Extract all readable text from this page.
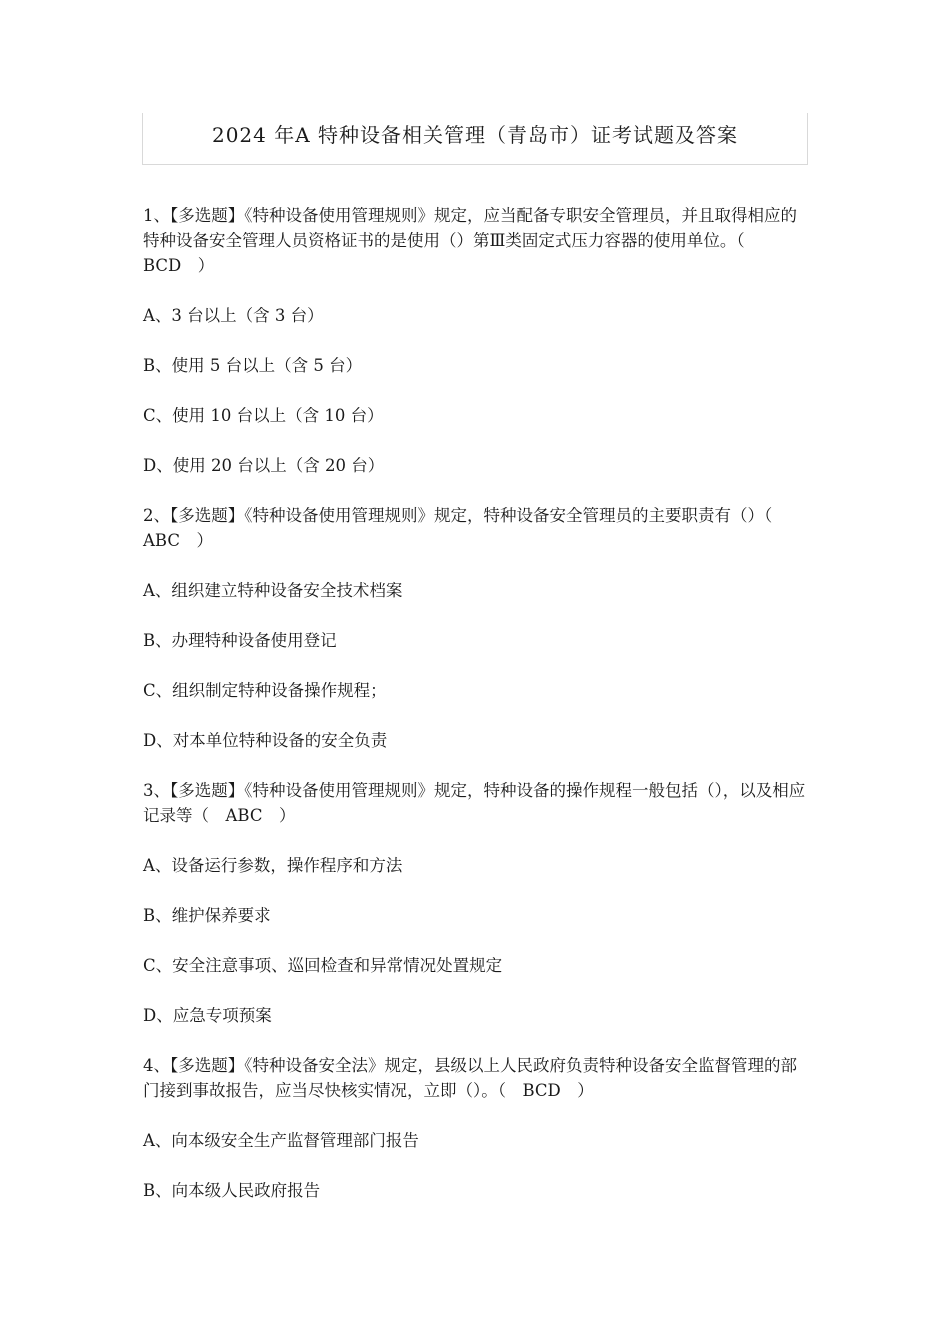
2024 年A 特种设备相关管理（青岛市）证考试题及答案

1、【多选题】《特种设备使用管理规则》规定，应当配备专职安全管理员，并且取得相应的特种设备安全管理人员资格证书的是使用（）第Ⅲ类固定式压力容器的使用单位。（　BCD　）

A、3 台以上（含 3 台）

B、使用 5 台以上（含 5 台）

C、使用 10 台以上（含 10 台）

D、使用 20 台以上（含 20 台）

2、【多选题】《特种设备使用管理规则》规定，特种设备安全管理员的主要职责有（）（　ABC　）

A、组织建立特种设备安全技术档案

B、办理特种设备使用登记

C、组织制定特种设备操作规程；

D、对本单位特种设备的安全负责

3、【多选题】《特种设备使用管理规则》规定，特种设备的操作规程一般包括（），以及相应记录等（　ABC　）

A、设备运行参数，操作程序和方法

B、维护保养要求

C、安全注意事项、巡回检查和异常情况处置规定

D、应急专项预案

4、【多选题】《特种设备安全法》规定，县级以上人民政府负责特种设备安全监督管理的部门接到事故报告，应当尽快核实情况，立即（）。（　BCD　）

A、向本级安全生产监督管理部门报告

B、向本级人民政府报告
